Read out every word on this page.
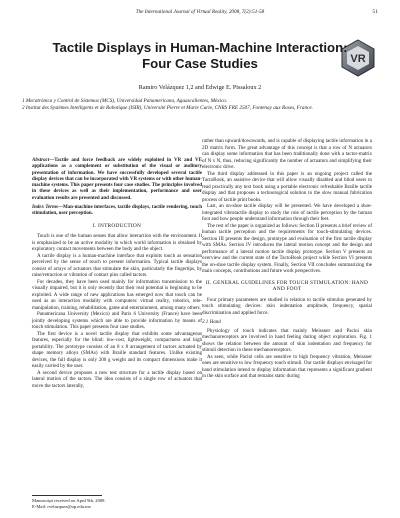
The International Journal of Virtual Reality, 2008, 7(2):51-58	51
VR
Tactile Displays in Human-Machine Interaction: Four Case Studies
Ramiro Velázquez 1,2 and Edwige E. Pissaloux 2
1 Mecatrónica y Control de Sistemas (MCS), Universidad Panamericana, Aguascalientes, México.
2 Institut des Systèmes Intelligents et de Robotique (ISIR), Université Pierre et Marie Curie, CNRS FRE 2507, Fontenay aux Roses, France.
Abstract—Tactile and force feedback are widely exploited in VR and VE applications as a complement or substitution of the visual or auditory presentation of information. We have successfully developed several tactile display devices that can be incorporated with VR systems or with other human-machine systems. This paper presents four case studies. The principles involved in these devices as well as their implementation, performance and user evaluation results are presented and discussed.
Index Terms—Man-machine interfaces, tactile displays, tactile rendering, touch stimulation, user perception.
I. INTRODUCTION

Touch is one of the human senses that allow interaction with the environment. It is emphasized to be an active modality in which world information is obtained by exploratory contact movements between the body and the object.

A tactile display is a human-machine interface that exploits touch as sensation perceived by the sense of touch to present information. Typical tactile displays consist of arrays of actuators that stimulate the skin, particularly the fingertips, by raise/retraction or vibration of contact pins called tactors.

For decades, they have been used mainly for information transmission to the visually impaired, but it is only recently that their real potential is beginning to be exploited. A wide range of new applications has emerged now that touch can be used as an interaction modality with computers: virtual reality, robotics, tele-manipulation, training, rehabilitation, game and entertainment, among many others.

Panamericana University (Mexico) and Paris 6 University (France) have been jointly developing systems which are able to provide information by means of touch stimulation. This paper presents four case studies.

The first device is a novel tactile display that exhibits some advantageous features, especially for the blind: low-cost, lightweight, compactness and high portability. The prototype consists of an 8 x 8 arrangement of tactors actuated by shape memory alloys (SMAs) with Braille standard features. Unlike existing devices, the full display is only 200 g weight and its compact dimensions make it easily carried by the user.

A second device proposes a new test structure for a tactile display based on lateral motion of the tactors. The idea consists of a single row of actuators that move the tactors laterally,

rather than upward/downwards, and is capable of displaying tactile information in a 2D matrix form. The great advantage of this concept is that a row of N actuators can display some information that has been traditionally done with a tactor-matrix of N x N, thus, reducing significantly the number of actuators and simplifying their electronic drive.

The third display addressed in this paper is an ongoing project called the TactoBook, an assistive device that will allow visually disabled and blind users to read practically any text book using a portable electronic refreshable Braille tactile display and that proposes a technological solution to the slow manual fabrication process of tactile print books.

Last, an on-shoe tactile display will be presented. We have developed a shoe-integrated vibrotactile display to study the role of tactile perception by the human foot and how people understand information through their feet.

The rest of the paper is organized as follows: Section II presents a brief review of human tactile perception and the requirements for touch-stimulating devices. Section III presents the design, prototype and evaluation of the first tactile display with SMAs. Section IV introduces the lateral motion concept and the design and performance of a lateral motion tactile display prototype. Section V presents an overview and the current state of the TactoBook project while Section VI presents the on-shoe tactile display system. Finally, Section VII concludes summarizing the main concepts, contributions and future work perspectives.

II. GENERAL GUIDELINES FOR TOUCH STIMULATION: HAND AND FOOT

Four primary parameters are studied in relation to tactile stimulus generated by touch stimulating devices: skin indentation amplitude, frequency, spatial discrimination and applied force.

2.1 Hand

Physiology of touch indicates that mainly Meissner and Pacini skin mechanoreceptors are involved in hand feeling during object exploration. Fig. 1 shows the relation between the amount of skin indentation and frequency for stimuli detection in these mechanoreceptors.

As seen, while Pacini cells are sensitive to high frequency vibration, Meissner ones are sensitive to low frequency touch stimuli. Our tactile displays envisaged for hand stimulation intend to display information that represents a significant gradient in the skin surface and that remains static during

Manuscript received on April 9th, 2008.
E-Mail: rvelazquez@up.edu.mx
